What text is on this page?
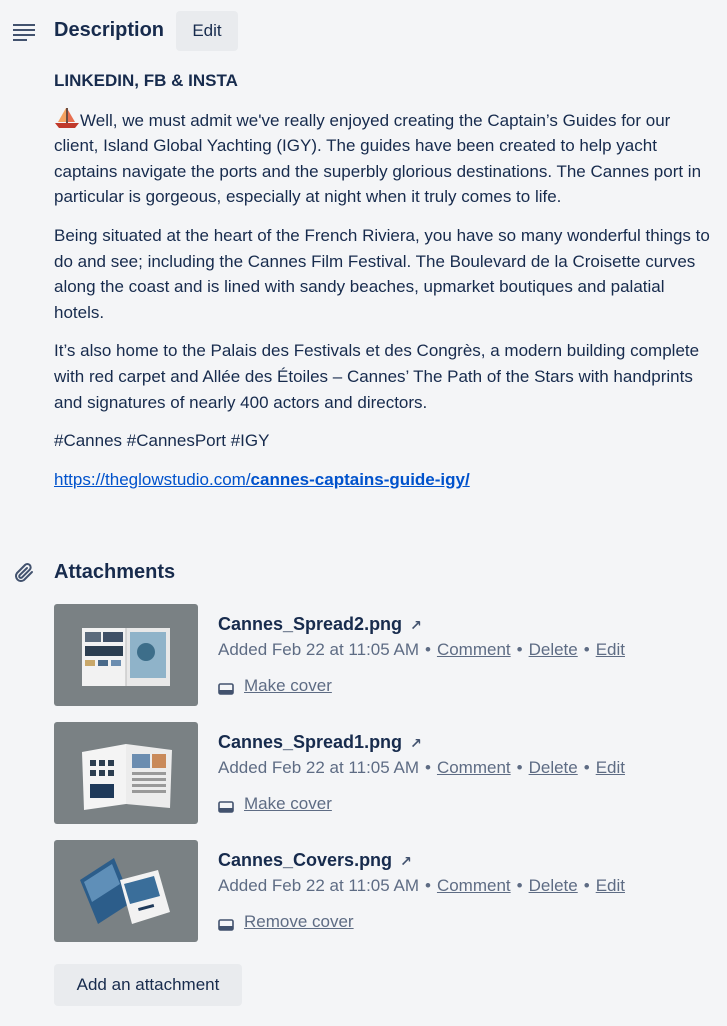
Description	Edit
LINKEDIN, FB & INSTA

Well, we must admit we've really enjoyed creating the Captain’s Guides for our client, Island Global Yachting (IGY). The guides have been created to help yacht captains navigate the ports and the superbly glorious destinations. The Cannes port in particular is gorgeous, especially at night when it truly comes to life.

Being situated at the heart of the French Riviera, you have so many wonderful things to do and see; including the Cannes Film Festival. The Boulevard de la Croisette curves along the coast and is lined with sandy beaches, upmarket boutiques and palatial hotels.

It’s also home to the Palais des Festivals et des Congrès, a modern building complete with red carpet and Allée des Étoiles – Cannes’ The Path of the Stars with handprints and signatures of nearly 400 actors and directors.

#Cannes #CannesPort #IGY

https://theglowstudio.com/cannes-captains-guide-igy/

Attachments
Cannes_Spread2.png ↗
Added Feb 22 at 11:05 AM • Comment • Delete • Edit
Make cover
Cannes_Spread1.png ↗
Added Feb 22 at 11:05 AM • Comment • Delete • Edit
Make cover
Cannes_Covers.png ↗
Added Feb 22 at 11:05 AM • Comment • Delete • Edit
Remove cover
Add an attachment
